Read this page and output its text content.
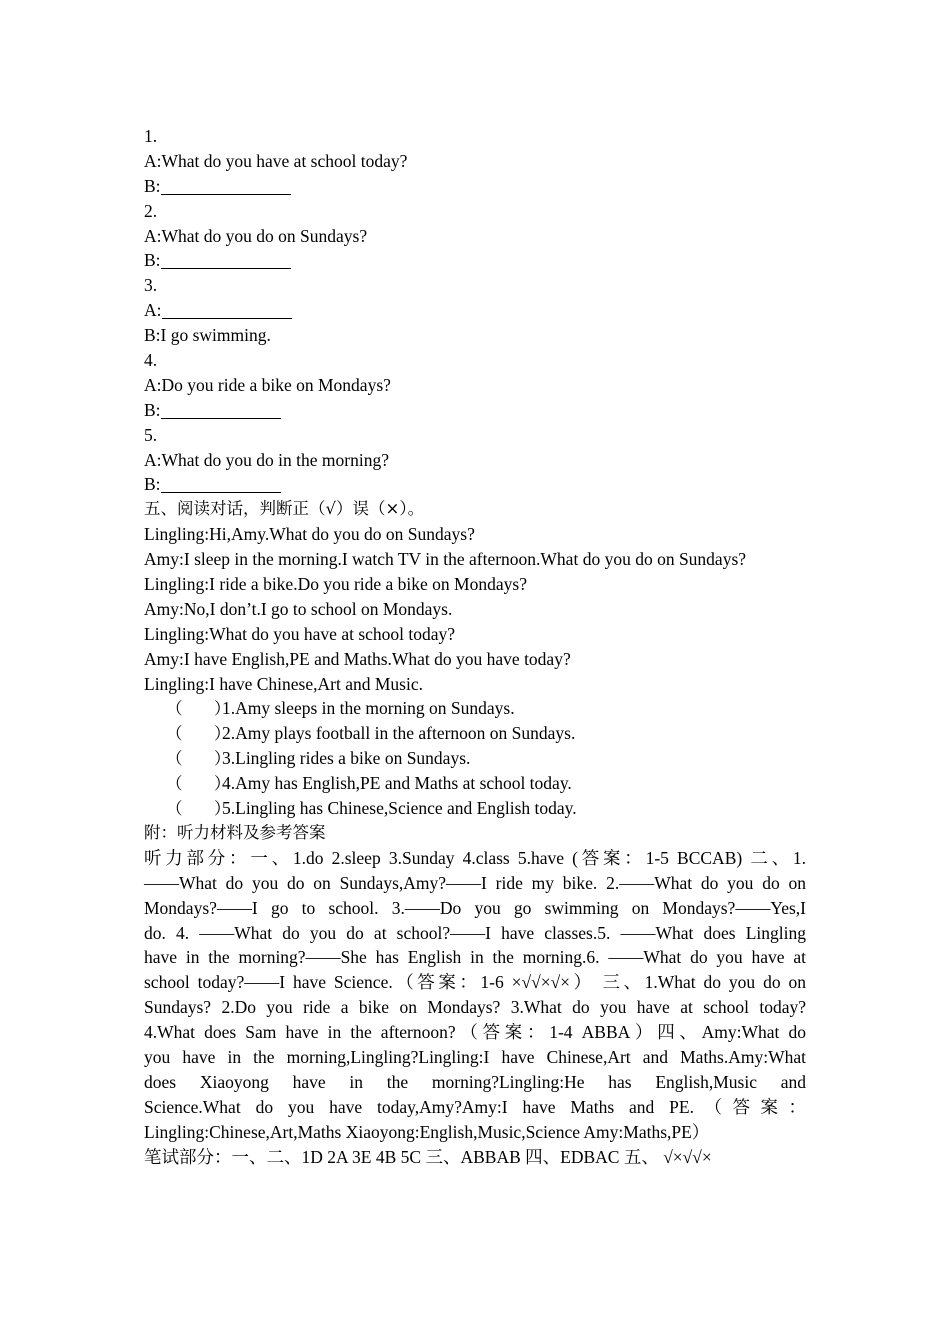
1.
A:What do you have at school today?
B:
2.
A:What do you do on Sundays?
B:
3.
A:
B:I go swimming.
4.
A:Do you ride a bike on Mondays?
B:
5.
A:What do you do in the morning?
B:
五、阅读对话，判断正（√）误（×）。
Lingling:Hi,Amy.What do you do on Sundays?
Amy:I sleep in the morning.I watch TV in the afternoon.What do you do on Sundays?
Lingling:I ride a bike.Do you ride a bike on Mondays?
Amy:No,I don’t.I go to school on Mondays.
Lingling:What do you have at school today?
Amy:I have English,PE and Maths.What do you have today?
Lingling:I have Chinese,Art and Music.
（      ）1.Amy sleeps in the morning on Sundays.
（      ）2.Amy plays football in the afternoon on Sundays.
（      ）3.Lingling rides a bike on Sundays.
（      ）4.Amy has English,PE and Maths at school today.
（      ）5.Lingling has Chinese,Science and English today.
附：听力材料及参考答案
听力部分：一、1.do 2.sleep 3.Sunday 4.class 5.have (答案：1-5 BCCAB) 二、1.
——What do you do on Sundays,Amy?——I ride my bike. 2.——What do you do on
Mondays?——I go to school. 3.——Do you go swimming on Mondays?——Yes,I
do. 4. ——What do you do at school?——I have classes.5. ——What does Lingling
have in the morning?——She has English in the morning.6. ——What do you have at
school today?——I have Science.（答案：1-6 ×√√×√×） 三、1.What do you do on
Sundays? 2.Do you ride a bike on Mondays? 3.What do you have at school today?
4.What does Sam have in the afternoon?（答案：1-4 ABBA）四、Amy:What do
you have in the morning,Lingling?Lingling:I have Chinese,Art and Maths.Amy:What
does Xiaoyong have in the morning?Lingling:He has English,Music and
Science.What do you have today,Amy?Amy:I have Maths and PE.（答案：
Lingling:Chinese,Art,Maths Xiaoyong:English,Music,Science Amy:Maths,PE）
笔试部分：一、二、1D 2A 3E 4B 5C 三、ABBAB 四、EDBAC 五、 √×√√×
